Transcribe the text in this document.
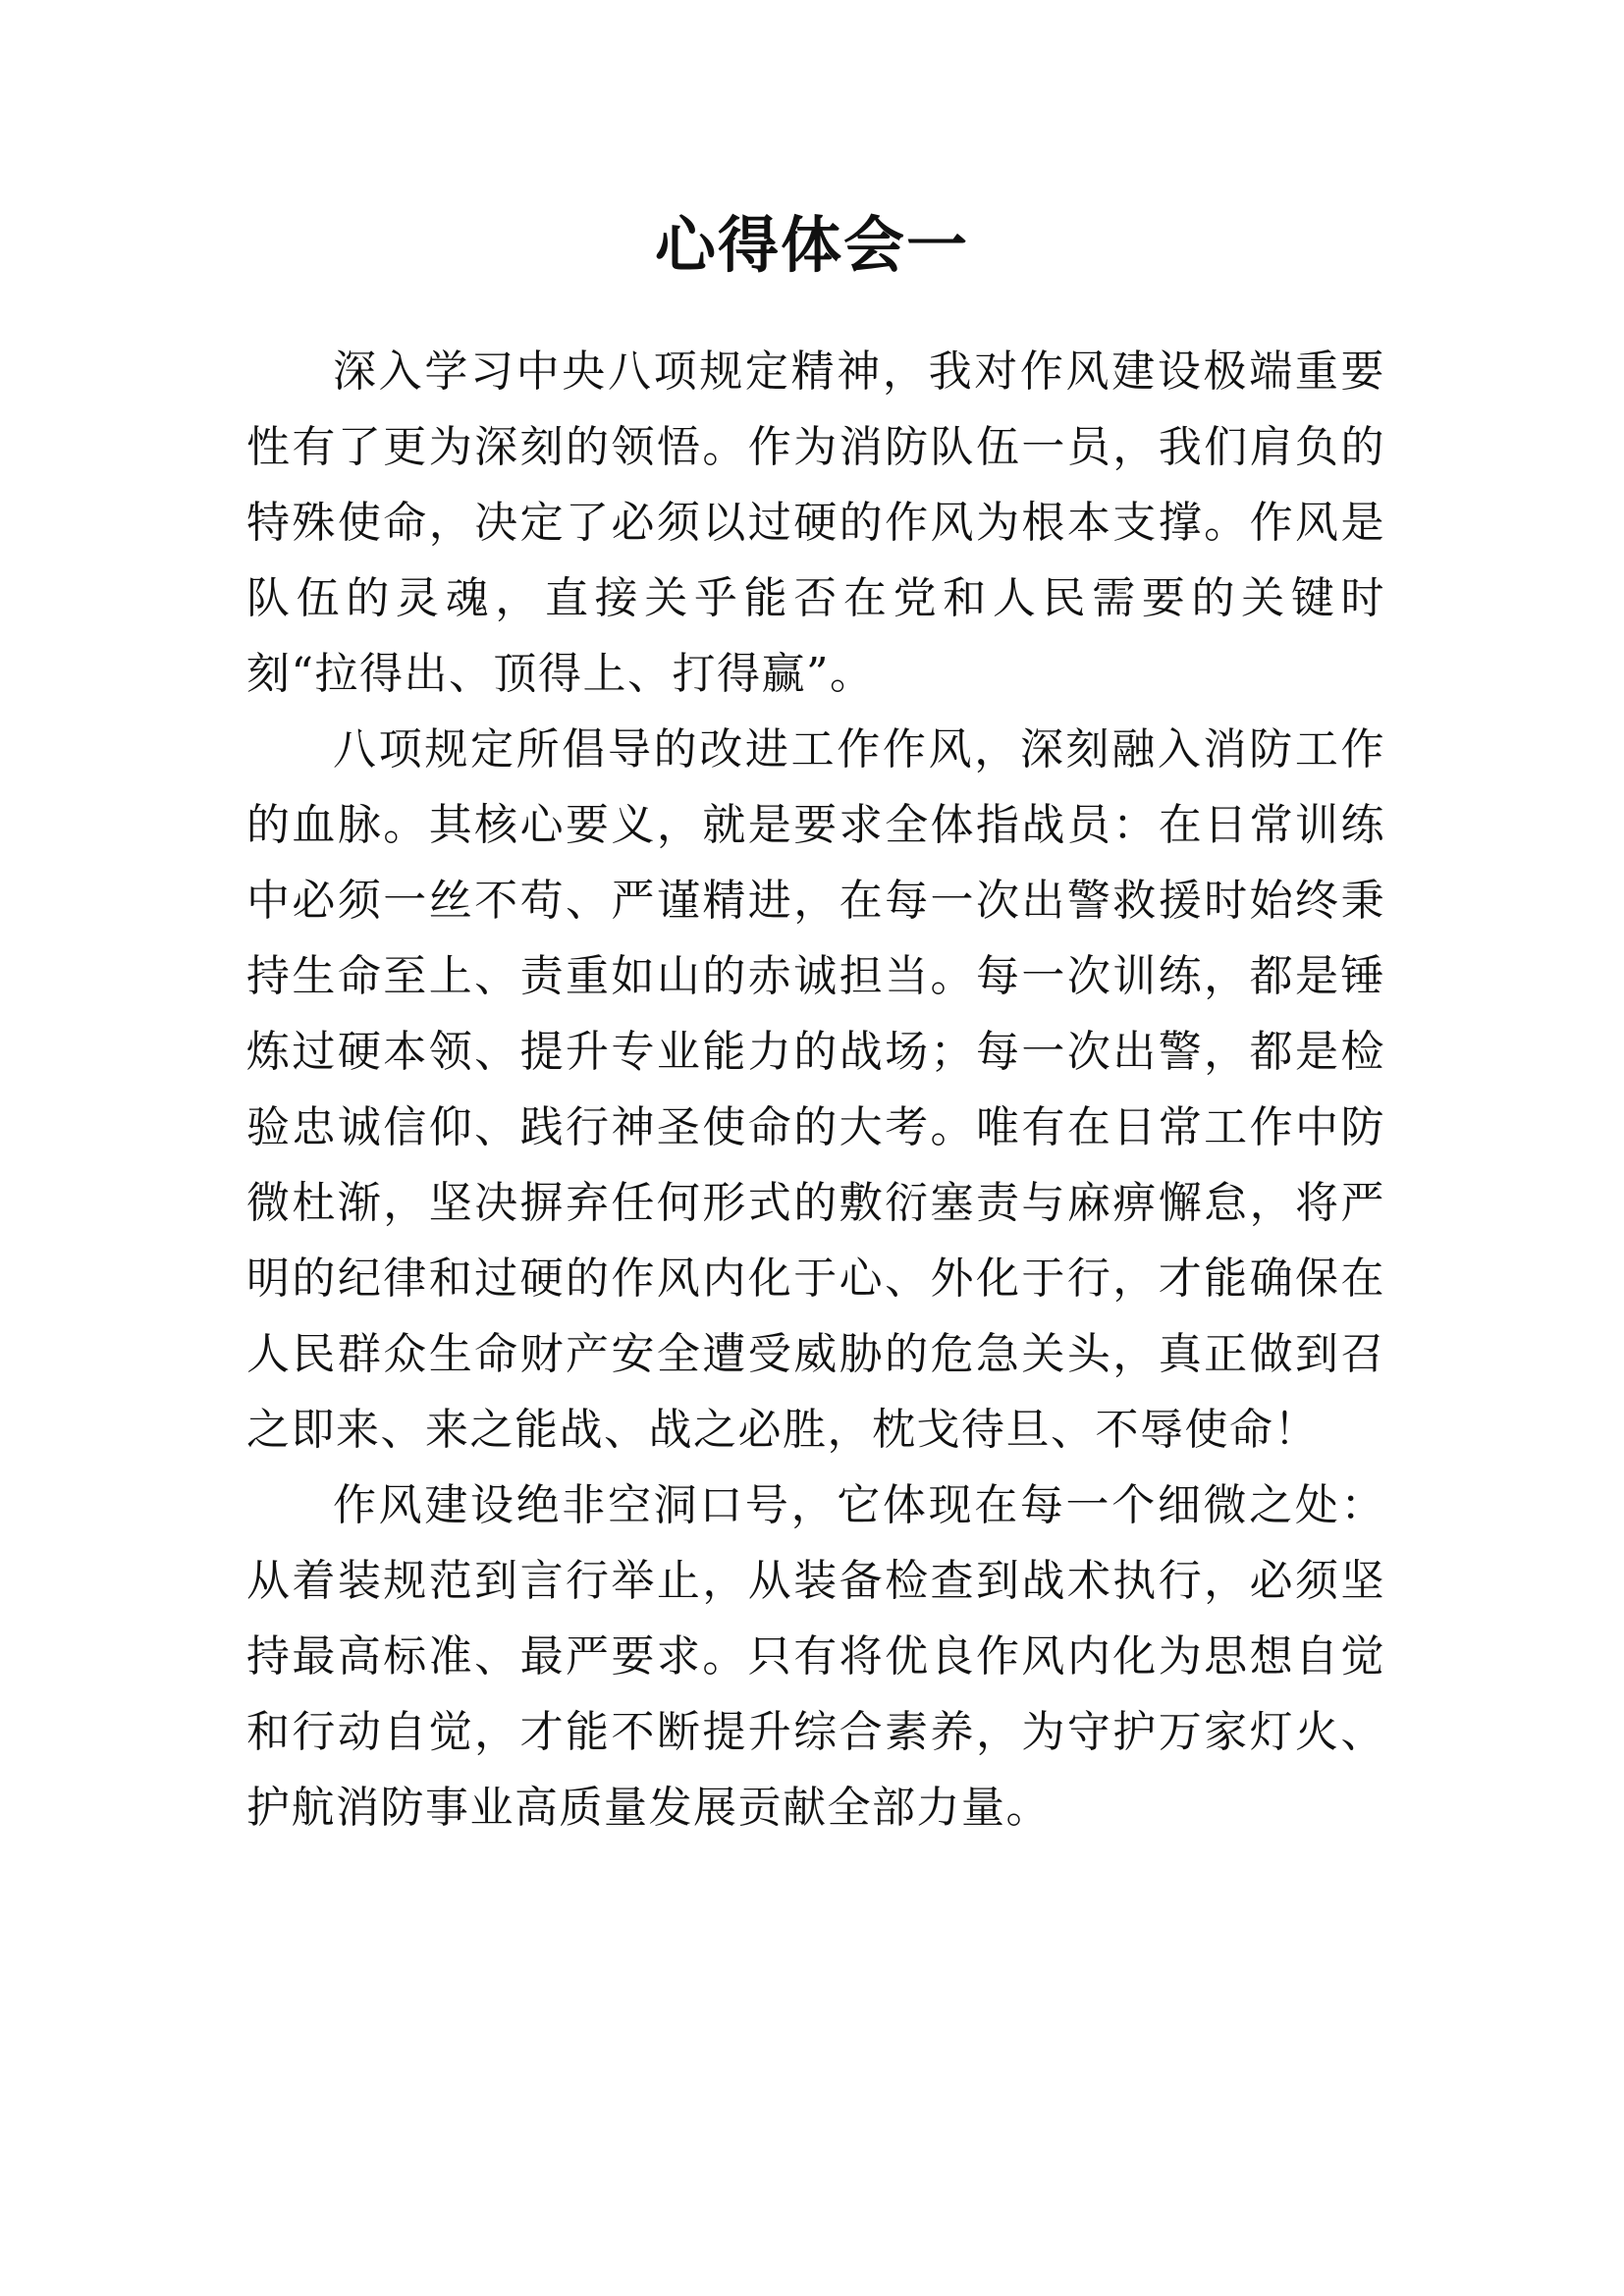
心得体会一

深入学习中央八项规定精神，我对作风建设极端重要性有了更为深刻的领悟。作为消防队伍一员，我们肩负的特殊使命，决定了必须以过硬的作风为根本支撑。作风是队伍的灵魂，直接关乎能否在党和人民需要的关键时刻“拉得出、顶得上、打得赢”。

八项规定所倡导的改进工作作风，深刻融入消防工作的血脉。其核心要义，就是要求全体指战员：在日常训练中必须一丝不苟、严谨精进，在每一次出警救援时始终秉持生命至上、责重如山的赤诚担当。每一次训练，都是锤炼过硬本领、提升专业能力的战场；每一次出警，都是检验忠诚信仰、践行神圣使命的大考。唯有在日常工作中防微杜渐，坚决摒弃任何形式的敷衍塞责与麻痹懈怠，将严明的纪律和过硬的作风内化于心、外化于行，才能确保在人民群众生命财产安全遭受威胁的危急关头，真正做到召之即来、来之能战、战之必胜，枕戈待旦、不辱使命！

作风建设绝非空洞口号，它体现在每一个细微之处：从着装规范到言行举止，从装备检查到战术执行，必须坚持最高标准、最严要求。只有将优良作风内化为思想自觉和行动自觉，才能不断提升综合素养，为守护万家灯火、护航消防事业高质量发展贡献全部力量。
